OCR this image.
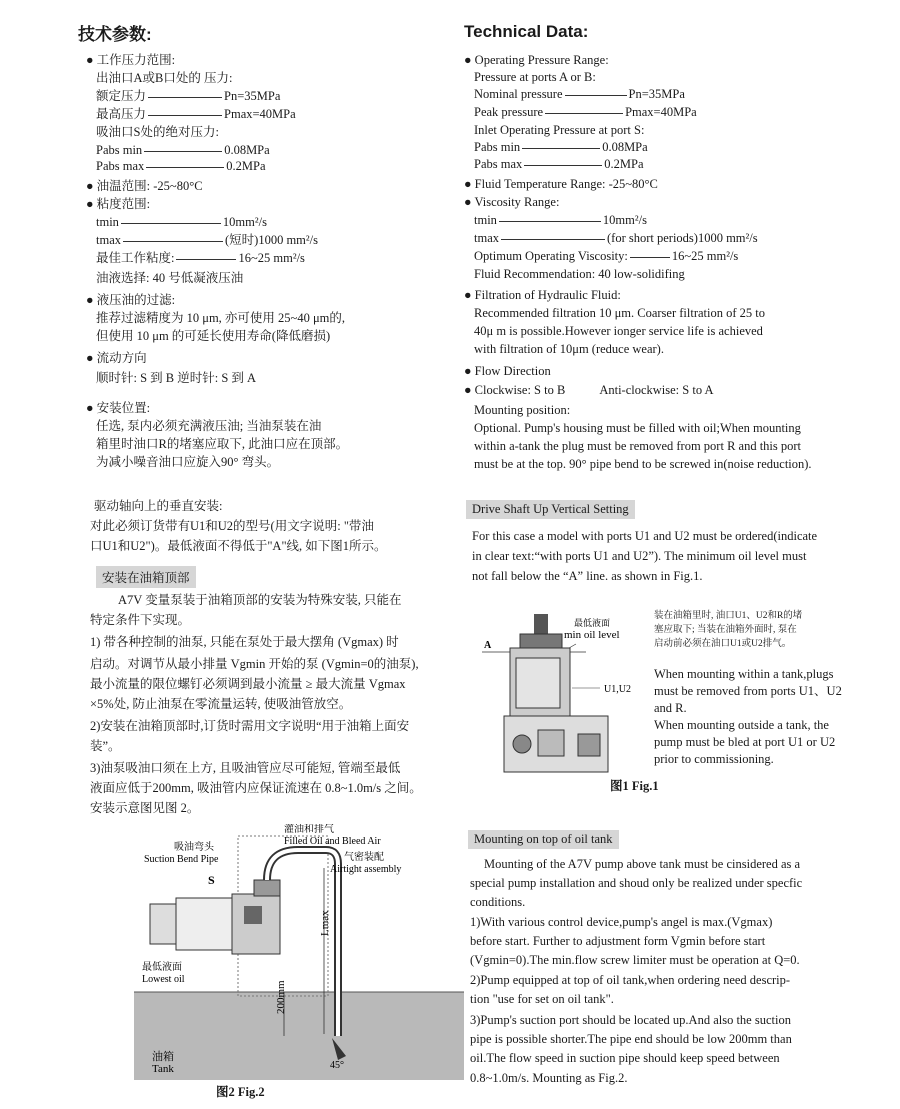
技术参数:
● 工作压力范围:
出油口A或B口处的 压力:
额定压力	Pn=35MPa
最高压力	Pmax=40MPa
吸油口S处的绝对压力:
Pabs min	0.08MPa
Pabs max	0.2MPa
● 油温范围: -25~80°C
● 粘度范围:
tmin	10mm²/s
tmax	(短时)1000 mm²/s
最佳工作粘度:	16~25 mm²/s
油液选择: 40 号低凝液压油
● 液压油的过滤:
推荐过滤精度为 10 μm, 亦可使用 25~40 μm的,
但使用 10 μm 的可延长使用寿命(降低磨损)
● 流动方向
顺时针: S 到 B 逆时针: S 到 A
● 安装位置:
任选, 泵内必须充满液压油; 当油泵装在油
箱里时油口R的堵塞应取下, 此油口应在顶部。
为减小噪音油口应旋入90° 弯头。
驱动轴向上的垂直安装:
对此必须订货带有U1和U2的型号(用文字说明: "带油
口U1和U2")。最低液面不得低于"A"线, 如下图1所示。
安装在油箱顶部
A7V 变量泵装于油箱顶部的安装为特殊安装, 只能在
特定条件下实现。
1) 带各种控制的油泵, 只能在泵处于最大摆角 (Vgmax) 时
启动。对调节从最小排量 Vgmin 开始的泵 (Vgmin=0的油泵),
最小流量的限位螺钉必须调到最小流量 ≥ 最大流量 Vgmax
×5%处, 防止油泵在零流量运转, 使吸油管放空。
2)安装在油箱顶部时,订货时需用文字说明“用于油箱上面安
装”。
3)油泵吸油口须在上方, 且吸油管应尽可能短, 管端至最低
液面应低于200mm, 吸油管内应保证流速在 0.8~1.0m/s 之间。
安装示意图见图 2。
200mm
Lmax
灌油和排气
Filled Oil and Bleed Air
吸油弯头
Suction Bend Pipe	气密装配
Airtight assembly
S
最低液面
Lowest oil
45°
油箱
Tank
图2 Fig.2
Technical Data:
● Operating Pressure Range:
Pressure at ports A or B:
Nominal pressure	Pn=35MPa
Peak pressure	Pmax=40MPa
Inlet Operating Pressure at port S:
Pabs min	0.08MPa
Pabs max	0.2MPa
● Fluid Temperature Range: -25~80°C
● Viscosity Range:
tmin	10mm²/s
tmax	(for short periods)1000 mm²/s
Optimum Operating Viscosity:	16~25 mm²/s
Fluid Recommendation: 40 low-solidifing
● Filtration of Hydraulic Fluid:
Recommended filtration 10 μm. Coarser filtration of 25 to
40μ m is possible.However ionger service life is achieved
with filtration of 10μm (reduce wear).
● Flow Direction
● Clockwise: S to B	Anti-clockwise: S to A
Mounting position:
Optional. Pump's housing must be filled with oil;When mounting
within a-tank the plug must be removed from port R and this port
must be at the top. 90° pipe bend to be screwed in(noise reduction).
Drive Shaft Up Vertical Setting
For this case a model with ports U1 and U2 must be ordered(indicate
in clear text:“with ports U1 and U2”). The minimum oil level must
not fall below the “A” line. as shown in Fig.1.
最低液面
min oil level
A
U1,U2
装在油箱里时, 油口U1、U2和R的堵
塞应取下; 当装在油箱外面时, 泵在
启动前必须在油口U1或U2排气。
When mounting within a tank,plugs
must be removed from ports U1、U2
and R.
When mounting outside a tank, the
pump must be bled at port U1 or U2
prior to commissioning.
图1 Fig.1
Mounting on top of oil tank
Mounting of the A7V pump above tank must be cinsidered as a
special pump installation and shoud only be realized under specfic
conditions.
1)With various control device,pump's angel is max.(Vgmax)
before start. Further to adjustment form Vgmin before start
(Vgmin=0).The min.flow screw limiter must be operation at Q=0.
2)Pump equipped at top of oil tank,when ordering need descrip-
tion "use for set on oil tank".
3)Pump's suction port should be located up.And also the suction
pipe is possible shorter.The pipe end should be low 200mm than
oil.The flow speed in suction pipe should keep speed between
0.8~1.0m/s. Mounting as Fig.2.
